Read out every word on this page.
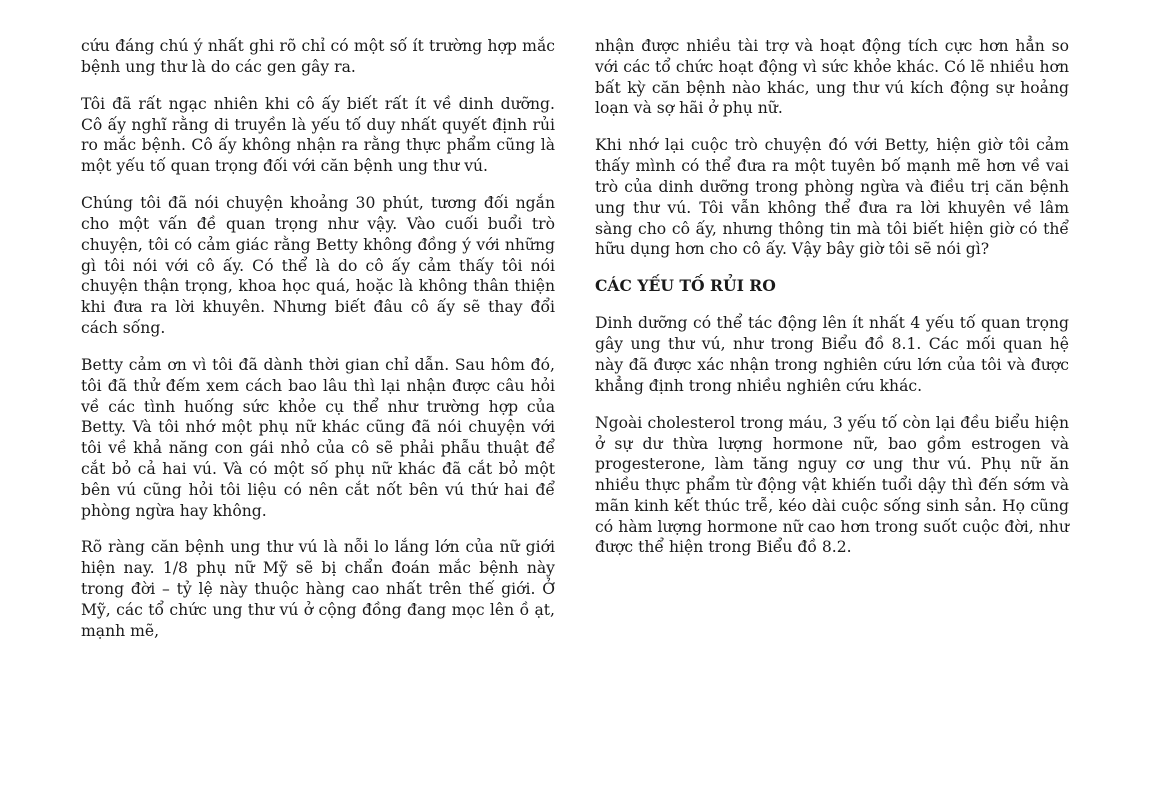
cứu đáng chú ý nhất ghi rõ chỉ có một số ít trường hợp mắc bệnh ung thư là do các gen gây ra.

Tôi đã rất ngạc nhiên khi cô ấy biết rất ít về dinh dưỡng. Cô ấy nghĩ rằng di truyền là yếu tố duy nhất quyết định rủi ro mắc bệnh. Cô ấy không nhận ra rằng thực phẩm cũng là một yếu tố quan trọng đối với căn bệnh ung thư vú.

Chúng tôi đã nói chuyện khoảng 30 phút, tương đối ngắn cho một vấn đề quan trọng như vậy. Vào cuối buổi trò chuyện, tôi có cảm giác rằng Betty không đồng ý với những gì tôi nói với cô ấy. Có thể là do cô ấy cảm thấy tôi nói chuyện thận trọng, khoa học quá, hoặc là không thân thiện khi đưa ra lời khuyên. Nhưng biết đâu cô ấy sẽ thay đổi cách sống.

Betty cảm ơn vì tôi đã dành thời gian chỉ dẫn. Sau hôm đó, tôi đã thử đếm xem cách bao lâu thì lại nhận được câu hỏi về các tình huống sức khỏe cụ thể như trường hợp của Betty. Và tôi nhớ một phụ nữ khác cũng đã nói chuyện với tôi về khả năng con gái nhỏ của cô sẽ phải phẫu thuật để cắt bỏ cả hai vú. Và có một số phụ nữ khác đã cắt bỏ một bên vú cũng hỏi tôi liệu có nên cắt nốt bên vú thứ hai để phòng ngừa hay không.

Rõ ràng căn bệnh ung thư vú là nỗi lo lắng lớn của nữ giới hiện nay. 1/8 phụ nữ Mỹ sẽ bị chẩn đoán mắc bệnh này trong đời – tỷ lệ này thuộc hàng cao nhất trên thế giới. Ở Mỹ, các tổ chức ung thư vú ở cộng đồng đang mọc lên ồ ạt, mạnh mẽ,

nhận được nhiều tài trợ và hoạt động tích cực hơn hẳn so với các tổ chức hoạt động vì sức khỏe khác. Có lẽ nhiều hơn bất kỳ căn bệnh nào khác, ung thư vú kích động sự hoảng loạn và sợ hãi ở phụ nữ.

Khi nhớ lại cuộc trò chuyện đó với Betty, hiện giờ tôi cảm thấy mình có thể đưa ra một tuyên bố mạnh mẽ hơn về vai trò của dinh dưỡng trong phòng ngừa và điều trị căn bệnh ung thư vú. Tôi vẫn không thể đưa ra lời khuyên về lâm sàng cho cô ấy, nhưng thông tin mà tôi biết hiện giờ có thể hữu dụng hơn cho cô ấy. Vậy bây giờ tôi sẽ nói gì?

CÁC YẾU TỐ RỦI RO

Dinh dưỡng có thể tác động lên ít nhất 4 yếu tố quan trọng gây ung thư vú, như trong Biểu đồ 8.1. Các mối quan hệ này đã được xác nhận trong nghiên cứu lớn của tôi và được khẳng định trong nhiều nghiên cứu khác.

Ngoài cholesterol trong máu, 3 yếu tố còn lại đều biểu hiện ở sự dư thừa lượng hormone nữ, bao gồm estrogen và progesterone, làm tăng nguy cơ ung thư vú. Phụ nữ ăn nhiều thực phẩm từ động vật khiến tuổi dậy thì đến sớm và mãn kinh kết thúc trễ, kéo dài cuộc sống sinh sản. Họ cũng có hàm lượng hormone nữ cao hơn trong suốt cuộc đời, như được thể hiện trong Biểu đồ 8.2.
